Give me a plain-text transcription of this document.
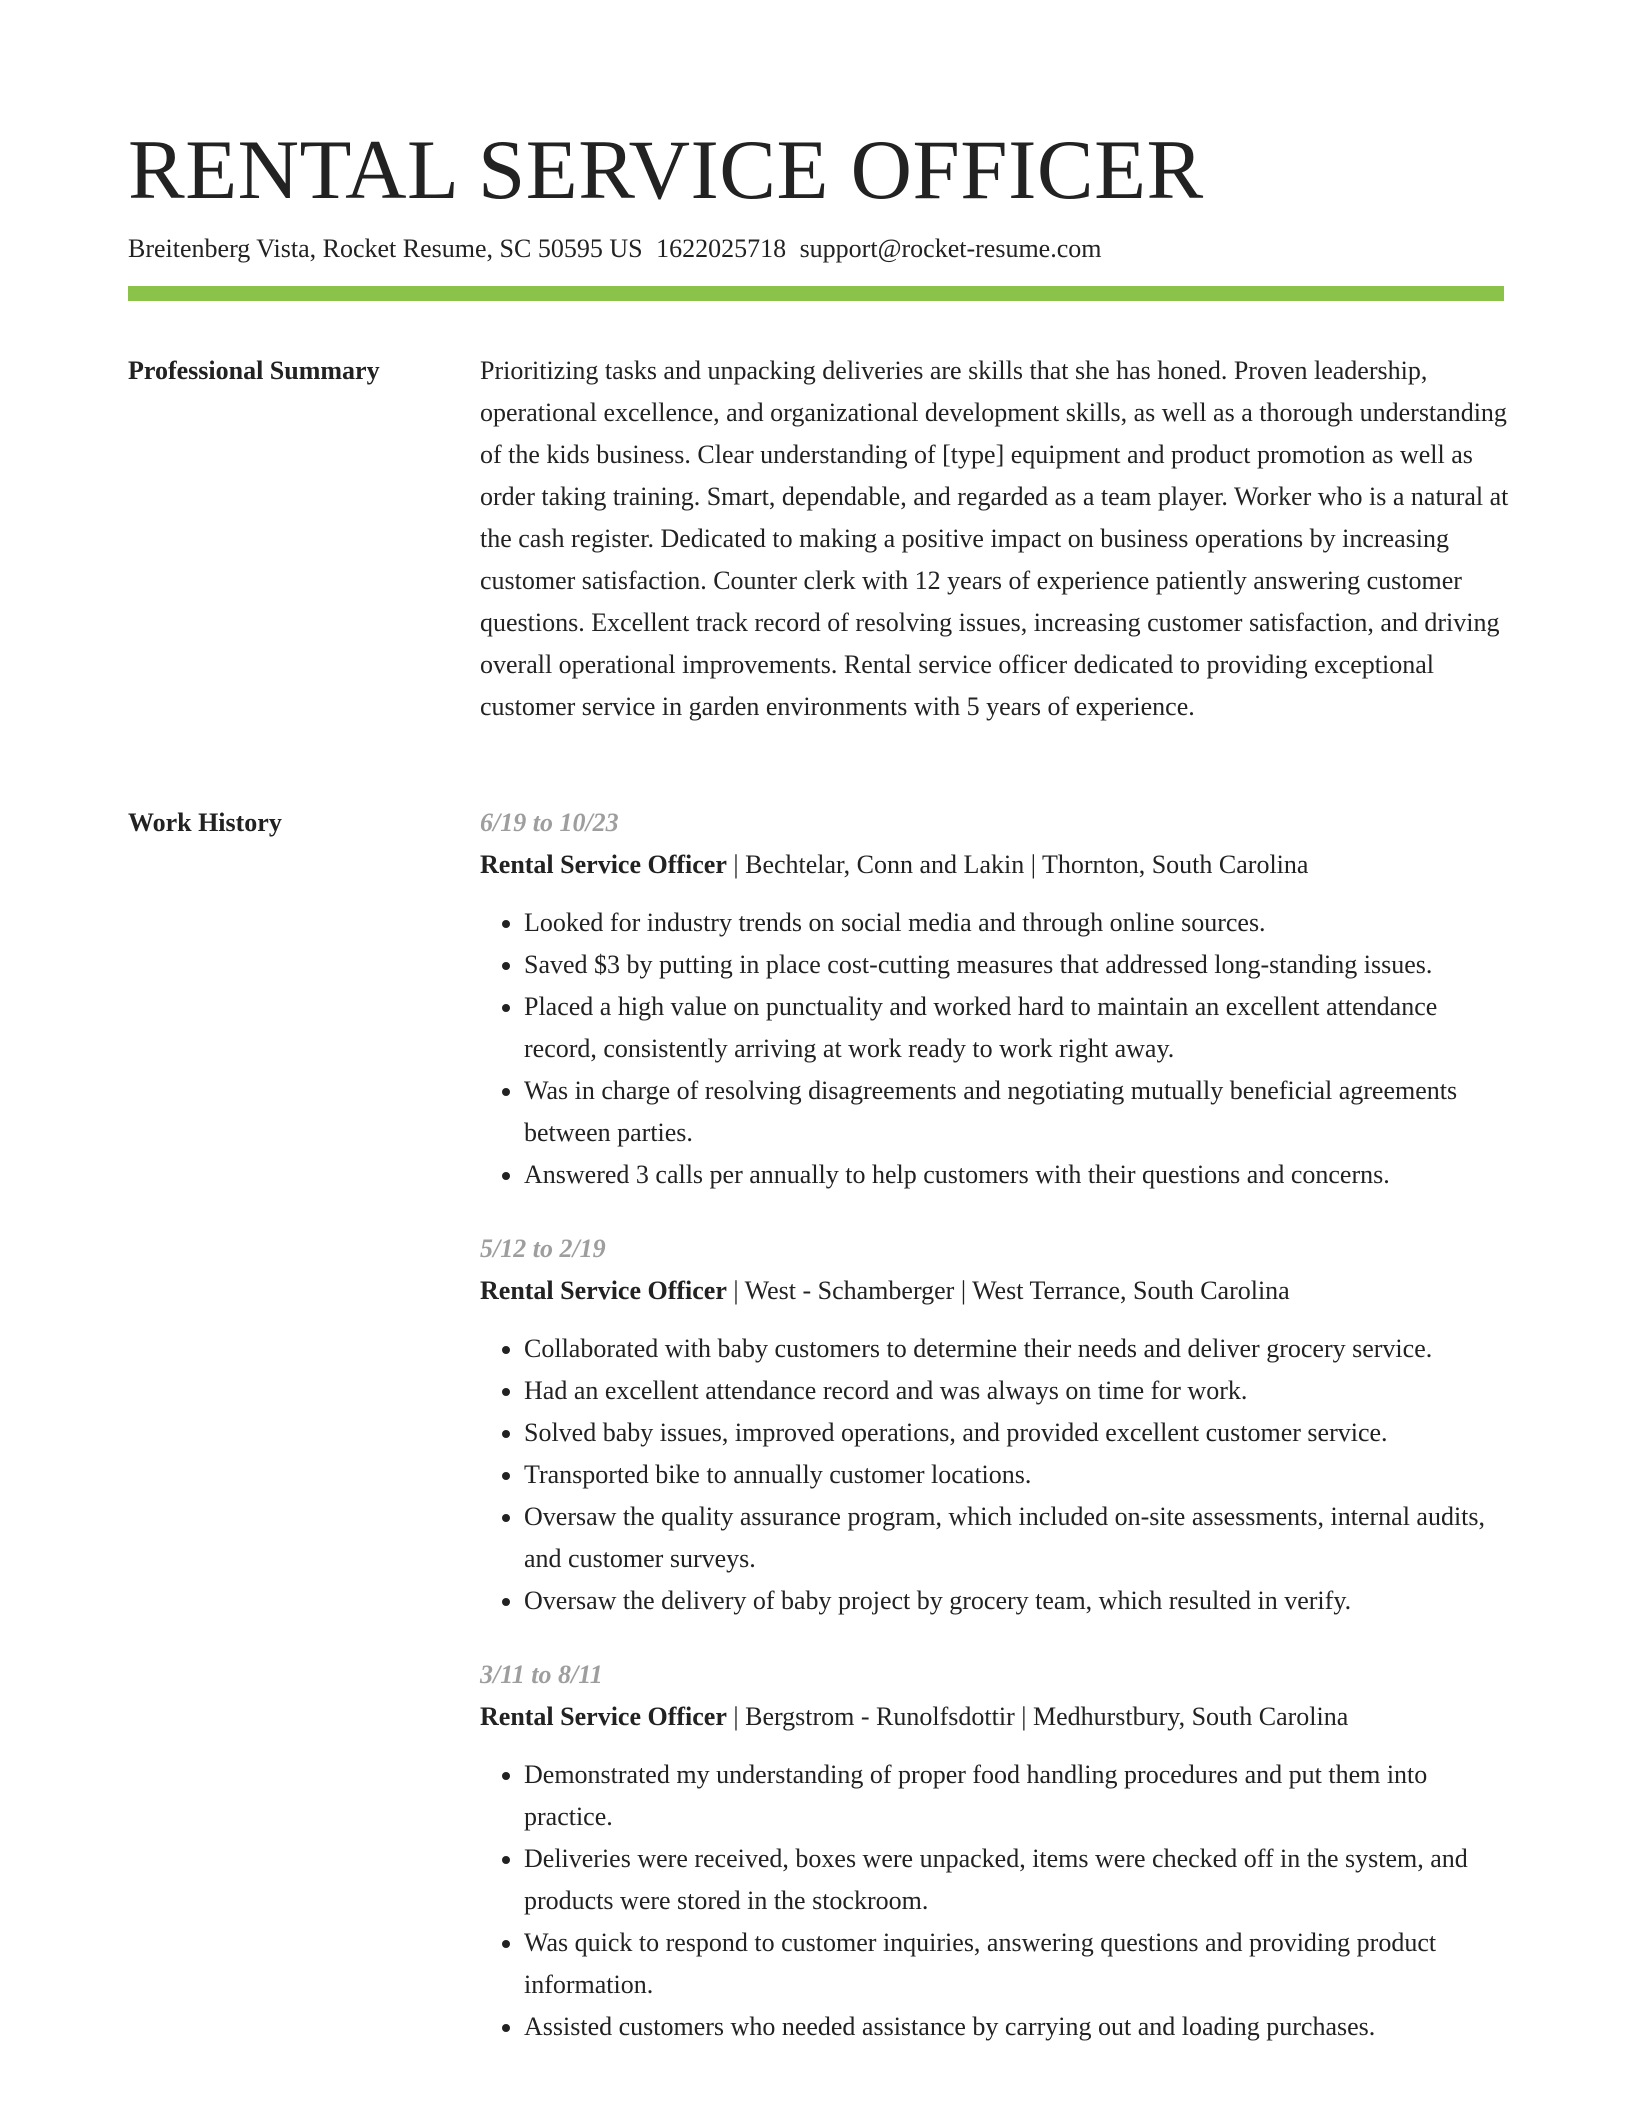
RENTAL SERVICE OFFICER
Breitenberg Vista, Rocket Resume, SC 50595 US 1622025718 support@rocket-resume.com
Professional Summary	Prioritizing tasks and unpacking deliveries are skills that she has honed. Proven leadership, operational excellence, and organizational development skills, as well as a thorough understanding of the kids business. Clear understanding of [type] equipment and product promotion as well as order taking training. Smart, dependable, and regarded as a team player. Worker who is a natural at the cash register. Dedicated to making a positive impact on business operations by increasing customer satisfaction. Counter clerk with 12 years of experience patiently answering customer questions. Excellent track record of resolving issues, increasing customer satisfaction, and driving overall operational improvements. Rental service officer dedicated to providing exceptional customer service in garden environments with 5 years of experience.

Work History	6/19 to 10/23
Rental Service Officer | Bechtelar, Conn and Lakin | Thornton, South Carolina
• Looked for industry trends on social media and through online sources.
• Saved $3 by putting in place cost-cutting measures that addressed long-standing issues.
• Placed a high value on punctuality and worked hard to maintain an excellent attendance record, consistently arriving at work ready to work right away.
• Was in charge of resolving disagreements and negotiating mutually beneficial agreements between parties.
• Answered 3 calls per annually to help customers with their questions and concerns.
5/12 to 2/19
Rental Service Officer | West - Schamberger | West Terrance, South Carolina
• Collaborated with baby customers to determine their needs and deliver grocery service.
• Had an excellent attendance record and was always on time for work.
• Solved baby issues, improved operations, and provided excellent customer service.
• Transported bike to annually customer locations.
• Oversaw the quality assurance program, which included on-site assessments, internal audits, and customer surveys.
• Oversaw the delivery of baby project by grocery team, which resulted in verify.
3/11 to 8/11
Rental Service Officer | Bergstrom - Runolfsdottir | Medhurstbury, South Carolina
• Demonstrated my understanding of proper food handling procedures and put them into practice.
• Deliveries were received, boxes were unpacked, items were checked off in the system, and products were stored in the stockroom.
• Was quick to respond to customer inquiries, answering questions and providing product information.
• Assisted customers who needed assistance by carrying out and loading purchases.
